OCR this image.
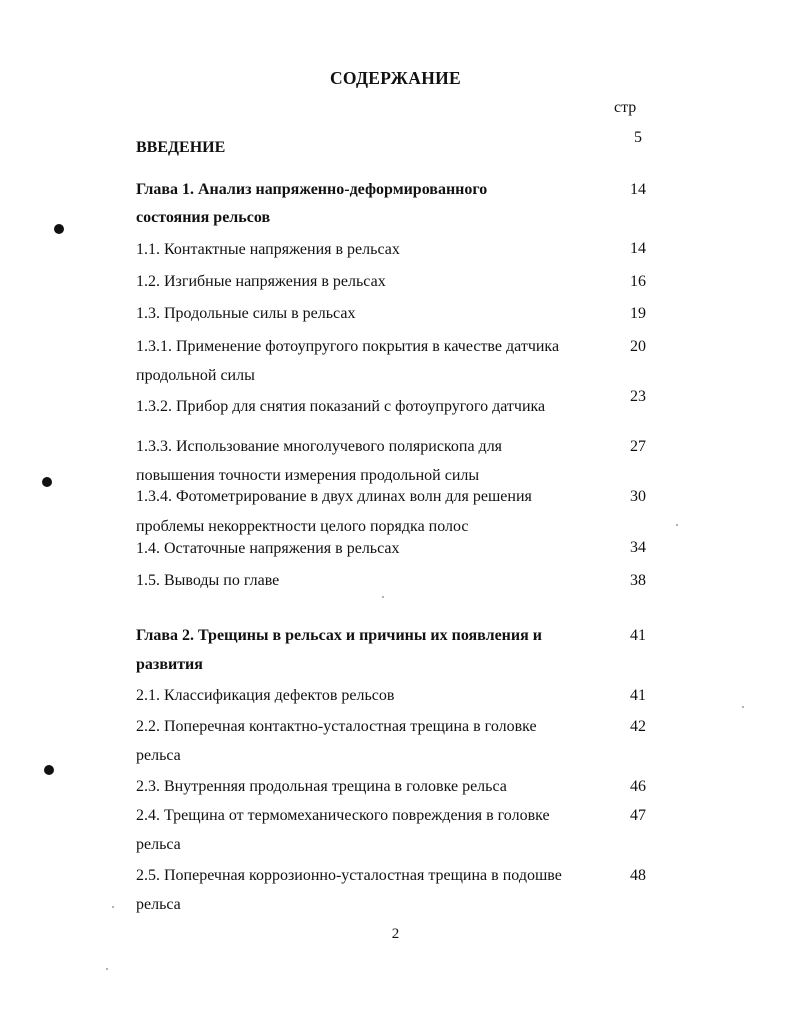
СОДЕРЖАНИЕ
стр
ВВЕДЕНИЕ
5
Глава 1. Анализ напряженно-деформированного	14
состояния рельсов
1.1. Контактные напряжения в рельсах	14
1.2. Изгибные напряжения в рельсах	16
1.3. Продольные силы в рельсах	19
1.3.1. Применение фотоупругого покрытия в качестве датчика	20
продольной силы
1.3.2. Прибор для снятия показаний с фотоупругого датчика
23
1.3.3. Использование многолучевого полярископа для	27
повышения точности измерения продольной силы
1.3.4. Фотометрирование в двух длинах волн для решения	30
проблемы некорректности целого порядка полос
1.4. Остаточные напряжения в рельсах	34
1.5. Выводы по главе	38
Глава 2. Трещины в рельсах и причины их появления и	41
развития
2.1. Классификация дефектов рельсов	41
2.2. Поперечная контактно-усталостная трещина в головке	42
рельса
2.3. Внутренняя продольная трещина в головке рельса	46
2.4. Трещина от термомеханического повреждения в головке	47
рельса
2.5. Поперечная коррозионно-усталостная трещина в подошве	48
рельса
2
